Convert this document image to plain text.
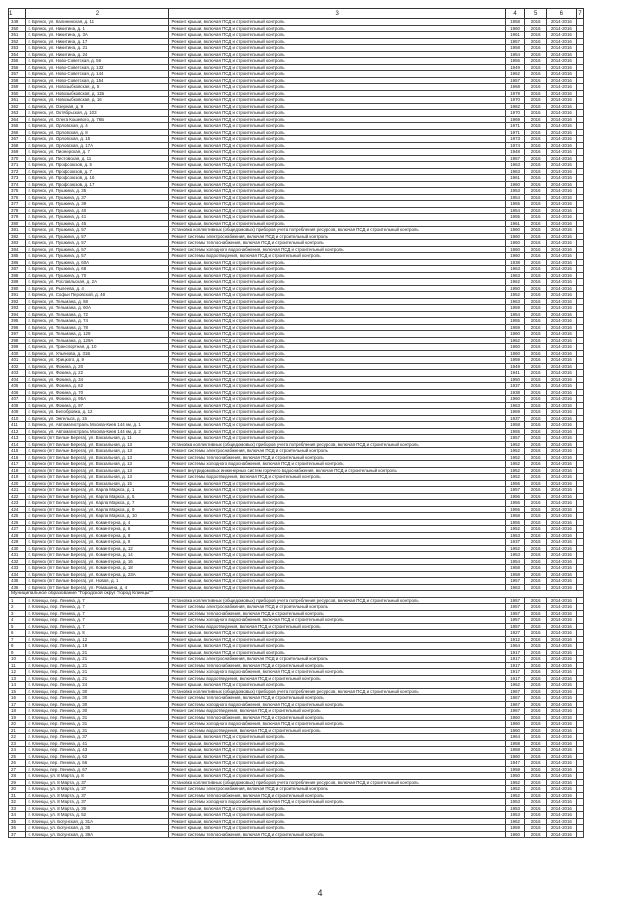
1	2	3	4	5	6	7
349	г. Брянск, ул. Калининская, д. 11	Ремонт крыши, включая ПСД и строительный контроль	1958	2016	2014-2016	
350	г. Брянск, ул. Никитина, д. 1	Ремонт крыши, включая ПСД и строительный контроль	1960	2016	2014-2016	
351	г. Брянск, ул. Никитина, д. 3А	Ремонт крыши, включая ПСД и строительный контроль	1961	2016	2014-2016	
352	г. Брянск, ул. Никитина, д. 17	Ремонт крыши, включая ПСД и строительный контроль	1957	2016	2014-2016	
353	г. Брянск, ул. Никитина, д. 21	Ремонт крыши, включая ПСД и строительный контроль	1958	2016	2014-2016	
354	г. Брянск, ул. Никитина, д. 24	Ремонт крыши, включая ПСД и строительный контроль	1954	2016	2014-2016	
355	г. Брянск, ул. Ново-Советская, д. 56	Ремонт крыши, включая ПСД и строительный контроль	1955	2016	2014-2016	
356	г. Брянск, ул. Ново-Советская, д. 132	Ремонт крыши, включая ПСД и строительный контроль	1949	2016	2014-2016	
357	г. Брянск, ул. Ново-Советская, д. 144	Ремонт крыши, включая ПСД и строительный контроль	1962	2016	2014-2016	
358	г. Брянск, ул. Ново-Советская, д. 154	Ремонт крыши, включая ПСД и строительный контроль	1957	2016	2014-2016	
359	г. Брянск, ул. Новозыбковская, д. 5	Ремонт крыши, включая ПСД и строительный контроль	1968	2016	2014-2016	
360	г. Брянск, ул. Новозыбковская, д. 11Б	Ремонт крыши, включая ПСД и строительный контроль	1979	2016	2014-2016	
361	г. Брянск, ул. Новозыбковская, д. 16	Ремонт крыши, включая ПСД и строительный контроль	1970	2016	2014-2016	
362	г. Брянск, ул. Озерная, д. 9	Ремонт крыши, включая ПСД и строительный контроль	1962	2016	2014-2016	
363	г. Брянск, ул. Октябрьская, д. 103	Ремонт крыши, включая ПСД и строительный контроль	1970	2016	2014-2016	
364	г. Брянск, ул. Олега Кошевого, д. 76Б	Ремонт крыши, включая ПСД и строительный контроль	1969	2016	2014-2016	
365	г. Брянск, ул. Орловская, д. 4	Ремонт крыши, включая ПСД и строительный контроль	1971	2016	2014-2016	
366	г. Брянск, ул. Орловская, д. 8	Ремонт крыши, включая ПСД и строительный контроль	1971	2016	2014-2016	
367	г. Брянск, ул. Орловская, д. 15	Ремонт крыши, включая ПСД и строительный контроль	1973	2016	2014-2016	
368	г. Брянск, ул. Орловская, д. 17А	Ремонт крыши, включая ПСД и строительный контроль	1974	2016	2014-2016	
369	г. Брянск, ул. Пионерская, д. 7	Ремонт крыши, включая ПСД и строительный контроль	1948	2016	2014-2016	
370	г. Брянск, ул. Пестовская, д. 11	Ремонт крыши, включая ПСД и строительный контроль	1957	2016	2014-2016	
371	г. Брянск, ул. Профсоюзов, д. 5	Ремонт крыши, включая ПСД и строительный контроль	1963	2016	2014-2016	
372	г. Брянск, ул. Профсоюзов, д. 7	Ремонт крыши, включая ПСД и строительный контроль	1963	2016	2014-2016	
373	г. Брянск, ул. Профсоюзов, д. 16	Ремонт крыши, включая ПСД и строительный контроль	1961	2016	2014-2016	
374	г. Брянск, ул. Профсоюзов, д. 17	Ремонт крыши, включая ПСД и строительный контроль	1960	2016	2014-2016	
375	г. Брянск, ул. Пушкина, д. 35	Ремонт крыши, включая ПСД и строительный контроль	1953	2016	2014-2016	
376	г. Брянск, ул. Пушкина, д. 37	Ремонт крыши, включая ПСД и строительный контроль	1954	2016	2014-2016	
377	г. Брянск, ул. Пушкина, д. 39	Ремонт крыши, включая ПСД и строительный контроль	1955	2016	2014-2016	
378	г. Брянск, ул. Пушкина, д. 40	Ремонт крыши, включая ПСД и строительный контроль	1954	2016	2014-2016	
379	г. Брянск, ул. Пушкина, д. 41	Ремонт крыши, включая ПСД и строительный контроль	1955	2016	2014-2016	
380	г. Брянск, ул. Пушкина, д. 45	Ремонт крыши, включая ПСД и строительный контроль	1961	2016	2014-2016	
381	г. Брянск, ул. Пушкина, д. 57	Установка коллективных (общедомовых) приборов учета потребления ресурсов, включая ПСД и строительный контроль	1960	2016	2014-2016	
382	г. Брянск, ул. Пушкина, д. 57	Ремонт системы электроснабжения, включая ПСД и строительный контроль	1960	2016	2014-2016	
383	г. Брянск, ул. Пушкина, д. 57	Ремонт системы теплоснабжения, включая ПСД и строительный контроль	1960	2016	2014-2016	
384	г. Брянск, ул. Пушкина, д. 57	Ремонт системы холодного водоснабжения, включая ПСД и строительный контроль	1960	2016	2014-2016	
385	г. Брянск, ул. Пушкина, д. 57	Ремонт системы водоотведения, включая ПСД и строительный контроль	1960	2016	2014-2016	
386	г. Брянск, ул. Пушкина, д. 60А	Ремонт крыши, включая ПСД и строительный контроль	1938	2016	2014-2016	
387	г. Брянск, ул. Пушкина, д. 68	Ремонт крыши, включая ПСД и строительный контроль	1963	2016	2014-2016	
388	г. Брянск, ул. Пушкина, д. 70	Ремонт крыши, включая ПСД и строительный контроль	1963	2016	2014-2016	
389	г. Брянск, ул. Рославльская, д. 2А	Ремонт крыши, включая ПСД и строительный контроль	1962	2016	2014-2016	
390	г. Брянск, ул. Рылеева, д. 4	Ремонт крыши, включая ПСД и строительный контроль	1950	2016	2014-2016	
391	г. Брянск, ул. Софьи Перовской, д. 48	Ремонт крыши, включая ПСД и строительный контроль	1952	2016	2014-2016	
392	г. Брянск, ул. Тельмана, д. 58	Ремонт крыши, включая ПСД и строительный контроль	1963	2016	2014-2016	
393	г. Брянск, ул. Тельмана, д. 60А	Ремонт крыши, включая ПСД и строительный контроль	1959	2016	2014-2016	
394	г. Брянск, ул. Тельмана, д. 72	Ремонт крыши, включая ПСД и строительный контроль	1954	2016	2014-2016	
395	г. Брянск, ул. Тельмана, д. 74	Ремонт крыши, включая ПСД и строительный контроль	1955	2016	2014-2016	
396	г. Брянск, ул. Тельмана, д. 78	Ремонт крыши, включая ПСД и строительный контроль	1959	2016	2014-2016	
397	г. Брянск, ул. Тельмана, д. 129	Ремонт крыши, включая ПСД и строительный контроль	1960	2016	2014-2016	
398	г. Брянск, ул. Тельмана, д. 129А	Ремонт крыши, включая ПСД и строительный контроль	1962	2016	2014-2016	
399	г. Брянск, ул. Транспортная, д. 10	Ремонт крыши, включая ПСД и строительный контроль	1960	2016	2014-2016	
400	г. Брянск, ул. Ульянова, д. 31Б	Ремонт крыши, включая ПСД и строительный контроль	1960	2016	2014-2016	
401	г. Брянск, ул. Урицкого, д. 9	Ремонт крыши, включая ПСД и строительный контроль	1959	2016	2014-2016	
402	г. Брянск, ул. Фокина, д. 20	Ремонт крыши, включая ПСД и строительный контроль	1949	2016	2014-2016	
403	г. Брянск, ул. Фокина, д. 22	Ремонт крыши, включая ПСД и строительный контроль	1941	2016	2014-2016	
404	г. Брянск, ул. Фокина, д. 34	Ремонт крыши, включая ПСД и строительный контроль	1950	2016	2014-2016	
405	г. Брянск, ул. Фокина, д. 62	Ремонт крыши, включая ПСД и строительный контроль	1937	2016	2014-2016	
406	г. Брянск, ул. Фокина, д. 70	Ремонт крыши, включая ПСД и строительный контроль	1938	2016	2014-2016	
407	г. Брянск, ул. Фокина, д. 95А	Ремонт крыши, включая ПСД и строительный контроль	1960	2016	2014-2016	
408	г. Брянск, ул. Фокина, д. 97	Ремонт крыши, включая ПСД и строительный контроль	1963	2016	2014-2016	
409	г. Брянск, ул. Белобровка, д. 12	Ремонт крыши, включая ПСД и строительный контроль	1969	2016	2014-2016	
410	г. Брянск, ул. Энгельса, д. 15	Ремонт крыши, включая ПСД и строительный контроль	1937	2016	2014-2016	
411	г. Брянск, ул. Автомагистраль Москва-Киев 144 км, д. 1	Ремонт крыши, включая ПСД и строительный контроль	1958	2016	2014-2016	
412	г. Брянск, ул. Автомагистраль Москва-Киев 144 км, д. 2	Ремонт крыши, включая ПСД и строительный контроль	1955	2016	2014-2016	
413	г. Брянск (пгт Белые Берега), ул. Вокзальная, д. 11	Ремонт крыши, включая ПСД и строительный контроль	1957	2016	2014-2016	
414	г. Брянск (пгт Белые Берега), ул. Вокзальная, д. 13	Установка коллективных (общедомовых) приборов учета потребления ресурсов, включая ПСД и строительный контроль	1952	2016	2014-2016	
415	г. Брянск (пгт Белые Берега), ул. Вокзальная, д. 13	Ремонт системы электроснабжения, включая ПСД и строительный контроль	1952	2016	2014-2016	
416	г. Брянск (пгт Белые Берега), ул. Вокзальная, д. 13	Ремонт системы теплоснабжения, включая ПСД и строительный контроль	1952	2016	2014-2016	
417	г. Брянск (пгт Белые Берега), ул. Вокзальная, д. 13	Ремонт системы холодного водоснабжения, включая ПСД и строительный контроль	1952	2016	2014-2016	
418	г. Брянск (пгт Белые Берега), ул. Вокзальная, д. 13	Ремонт внутридомовых инженерных систем горячего водоснабжения, включая ПСД и строительный контроль	1952	2016	2014-2016	
419	г. Брянск (пгт Белые Берега), ул. Вокзальная, д. 13	Ремонт системы водоотведения, включая ПСД и строительный контроль	1952	2016	2014-2016	
420	г. Брянск (пгт Белые Берега), ул. Вокзальная, д. 15	Ремонт крыши, включая ПСД и строительный контроль	1956	2016	2014-2016	
421	г. Брянск (пгт Белые Берега), ул. Карла Маркса, д. 1	Ремонт крыши, включая ПСД и строительный контроль	1957	2016	2014-2016	
422	г. Брянск (пгт Белые Берега), ул. Карла Маркса, д. 5	Ремонт крыши, включая ПСД и строительный контроль	1956	2016	2014-2016	
423	г. Брянск (пгт Белые Берега), ул. Карла Маркса, д. 7	Ремонт крыши, включая ПСД и строительный контроль	1956	2016	2014-2016	
424	г. Брянск (пгт Белые Берега), ул. Карла Маркса, д. 9	Ремонт крыши, включая ПСД и строительный контроль	1956	2016	2014-2016	
425	г. Брянск (пгт Белые Берега), ул. Карла Маркса, д. 10	Ремонт крыши, включая ПСД и строительный контроль	1958	2016	2014-2016	
426	г. Брянск (пгт Белые Берега), ул. Коминтерна, д. 4	Ремонт крыши, включая ПСД и строительный контроль	1955	2016	2014-2016	
427	г. Брянск (пгт Белые Берега), ул. Коминтерна, д. 6	Ремонт крыши, включая ПСД и строительный контроль	1952	2016	2014-2016	
428	г. Брянск (пгт Белые Берега), ул. Коминтерна, д. 8	Ремонт крыши, включая ПСД и строительный контроль	1953	2016	2014-2016	
429	г. Брянск (пгт Белые Берега), ул. Коминтерна, д. 9	Ремонт крыши, включая ПСД и строительный контроль	1937	2016	2014-2016	
430	г. Брянск (пгт Белые Берега), ул. Коминтерна, д. 12	Ремонт крыши, включая ПСД и строительный контроль	1952	2016	2014-2016	
431	г. Брянск (пгт Белые Берега), ул. Коминтерна, д. 14	Ремонт крыши, включая ПСД и строительный контроль	1953	2016	2014-2016	
432	г. Брянск (пгт Белые Берега), ул. Коминтерна, д. 16	Ремонт крыши, включая ПСД и строительный контроль	1954	2016	2014-2016	
433	г. Брянск (пгт Белые Берега), ул. Коминтерна, д. 18	Ремонт крыши, включая ПСД и строительный контроль	1958	2016	2014-2016	
434	г. Брянск (пгт Белые Берега), ул. Коминтерна, д. 23А	Ремонт крыши, включая ПСД и строительный контроль	1958	2016	2014-2016	
435	г. Брянск (пгт Белые Берега), ул. Новая, д. 1	Ремонт крыши, включая ПСД и строительный контроль	1957	2016	2014-2016	
436	г. Брянск (пгт Белые Берега), ул. Ромашина, д. 4	Ремонт крыши, включая ПСД и строительный контроль	1963	2016	2014-2016	
Муниципальное образование "Городской округ "город Клинцы""						
1	г. Клинцы, пер. Ленина, д. 7	Установка коллективных (общедомовых) приборов учета потребления ресурсов, включая ПСД и строительный контроль	1957	2016	2014-2016	
2	г. Клинцы, пер. Ленина, д. 7	Ремонт системы электроснабжения, включая ПСД и строительный контроль	1957	2016	2014-2016	
3	г. Клинцы, пер. Ленина, д. 7	Ремонт системы теплоснабжения, включая ПСД и строительный контроль	1957	2016	2014-2016	
4	г. Клинцы, пер. Ленина, д. 7	Ремонт системы холодного водоснабжения, включая ПСД и строительный контроль	1957	2016	2014-2016	
5	г. Клинцы, пер. Ленина, д. 7	Ремонт системы водоотведения, включая ПСД и строительный контроль	1957	2016	2014-2016	
6	г. Клинцы, пер. Ленина, д. 8	Ремонт крыши, включая ПСД и строительный контроль	1927	2016	2014-2016	
7	г. Клинцы, пер. Ленина, д. 12	Ремонт крыши, включая ПСД и строительный контроль	1912	2016	2014-2016	
8	г. Клинцы, пер. Ленина, д. 19	Ремонт крыши, включая ПСД и строительный контроль	1964	2016	2014-2016	
9	г. Клинцы, пер. Ленина, д. 21	Ремонт крыши, включая ПСД и строительный контроль	1917	2016	2014-2016	
10	г. Клинцы, пер. Ленина, д. 21	Ремонт системы электроснабжения, включая ПСД и строительный контроль	1917	2016	2014-2016	
11	г. Клинцы, пер. Ленина, д. 21	Ремонт системы теплоснабжения, включая ПСД и строительный контроль	1917	2016	2014-2016	
12	г. Клинцы, пер. Ленина, д. 21	Ремонт системы холодного водоснабжения, включая ПСД и строительный контроль	1917	2016	2014-2016	
13	г. Клинцы, пер. Ленина, д. 21	Ремонт системы водоотведения, включая ПСД и строительный контроль	1917	2016	2014-2016	
14	г. Клинцы, пер. Ленина, д. 24	Ремонт крыши, включая ПСД и строительный контроль	1962	2016	2014-2016	
15	г. Клинцы, пер. Ленина, д. 30	Установка коллективных (общедомовых) приборов учета потребления ресурсов, включая ПСД и строительный контроль	1967	2016	2014-2016	
16	г. Клинцы, пер. Ленина, д. 30	Ремонт системы теплоснабжения, включая ПСД и строительный контроль	1967	2016	2014-2016	
17	г. Клинцы, пер. Ленина, д. 30	Ремонт системы холодного водоснабжения, включая ПСД и строительный контроль	1967	2016	2014-2016	
18	г. Клинцы, пер. Ленина, д. 30	Ремонт системы водоотведения, включая ПСД и строительный контроль	1967	2016	2014-2016	
19	г. Клинцы, пер. Ленина, д. 31	Ремонт системы теплоснабжения, включая ПСД и строительный контроль	1960	2016	2014-2016	
20	г. Клинцы, пер. Ленина, д. 31	Ремонт системы холодного водоснабжения, включая ПСД и строительный контроль	1960	2016	2014-2016	
21	г. Клинцы, пер. Ленина, д. 31	Ремонт системы водоотведения, включая ПСД и строительный контроль	1960	2016	2014-2016	
22	г. Клинцы, пер. Ленина, д. 37	Ремонт крыши, включая ПСД и строительный контроль	1964	2016	2014-2016	
23	г. Клинцы, пер. Ленина, д. 41	Ремонт крыши, включая ПСД и строительный контроль	1958	2016	2014-2016	
24	г. Клинцы, пер. Ленина, д. 43	Ремонт крыши, включая ПСД и строительный контроль	1958	2016	2014-2016	
25	г. Клинцы, пер. Ленина, д. 62	Ремонт крыши, включая ПСД и строительный контроль	1960	2016	2014-2016	
26	г. Клинцы, пер. Ленина, д. 66	Ремонт крыши, включая ПСД и строительный контроль	1947	2016	2014-2016	
27	г. Клинцы, пер. Ленина, д. 67	Ремонт крыши, включая ПСД и строительный контроль	1958	2016	2014-2016	
28	г. Клинцы, ул. 8 Марта, д. 8	Ремонт крыши, включая ПСД и строительный контроль	1950	2016	2014-2016	
29	г. Клинцы, ул. 8 Марта, д. 37	Установка коллективных (общедомовых) приборов учета потребления ресурсов, включая ПСД и строительный контроль	1952	2016	2014-2016	
30	г. Клинцы, ул. 8 Марта, д. 37	Ремонт системы электроснабжения, включая ПСД и строительный контроль	1952	2016	2014-2016	
31	г. Клинцы, ул. 8 Марта, д. 37	Ремонт системы теплоснабжения, включая ПСД и строительный контроль	1952	2016	2014-2016	
32	г. Клинцы, ул. 8 Марта, д. 37	Ремонт системы холодного водоснабжения, включая ПСД и строительный контроль	1953	2016	2014-2016	
33	г. Клинцы, ул. 8 Марта, д. 39	Ремонт крыши, включая ПСД и строительный контроль	1953	2016	2014-2016	
34	г. Клинцы, ул. 8 Марта, д. 52	Ремонт крыши, включая ПСД и строительный контроль	1953	2016	2014-2016	
35	г. Клинцы, ул. Богунская, д. 31А	Ремонт крыши, включая ПСД и строительный контроль	1962	2016	2014-2016	
36	г. Клинцы, ул. Богунская, д. 35	Ремонт крыши, включая ПСД и строительный контроль	1959	2016	2014-2016	
37	г. Клинцы, ул. Богунская, д. 39А	Ремонт системы теплоснабжения, включая ПСД и строительный контроль	1960	2016	2014-2016	
4
